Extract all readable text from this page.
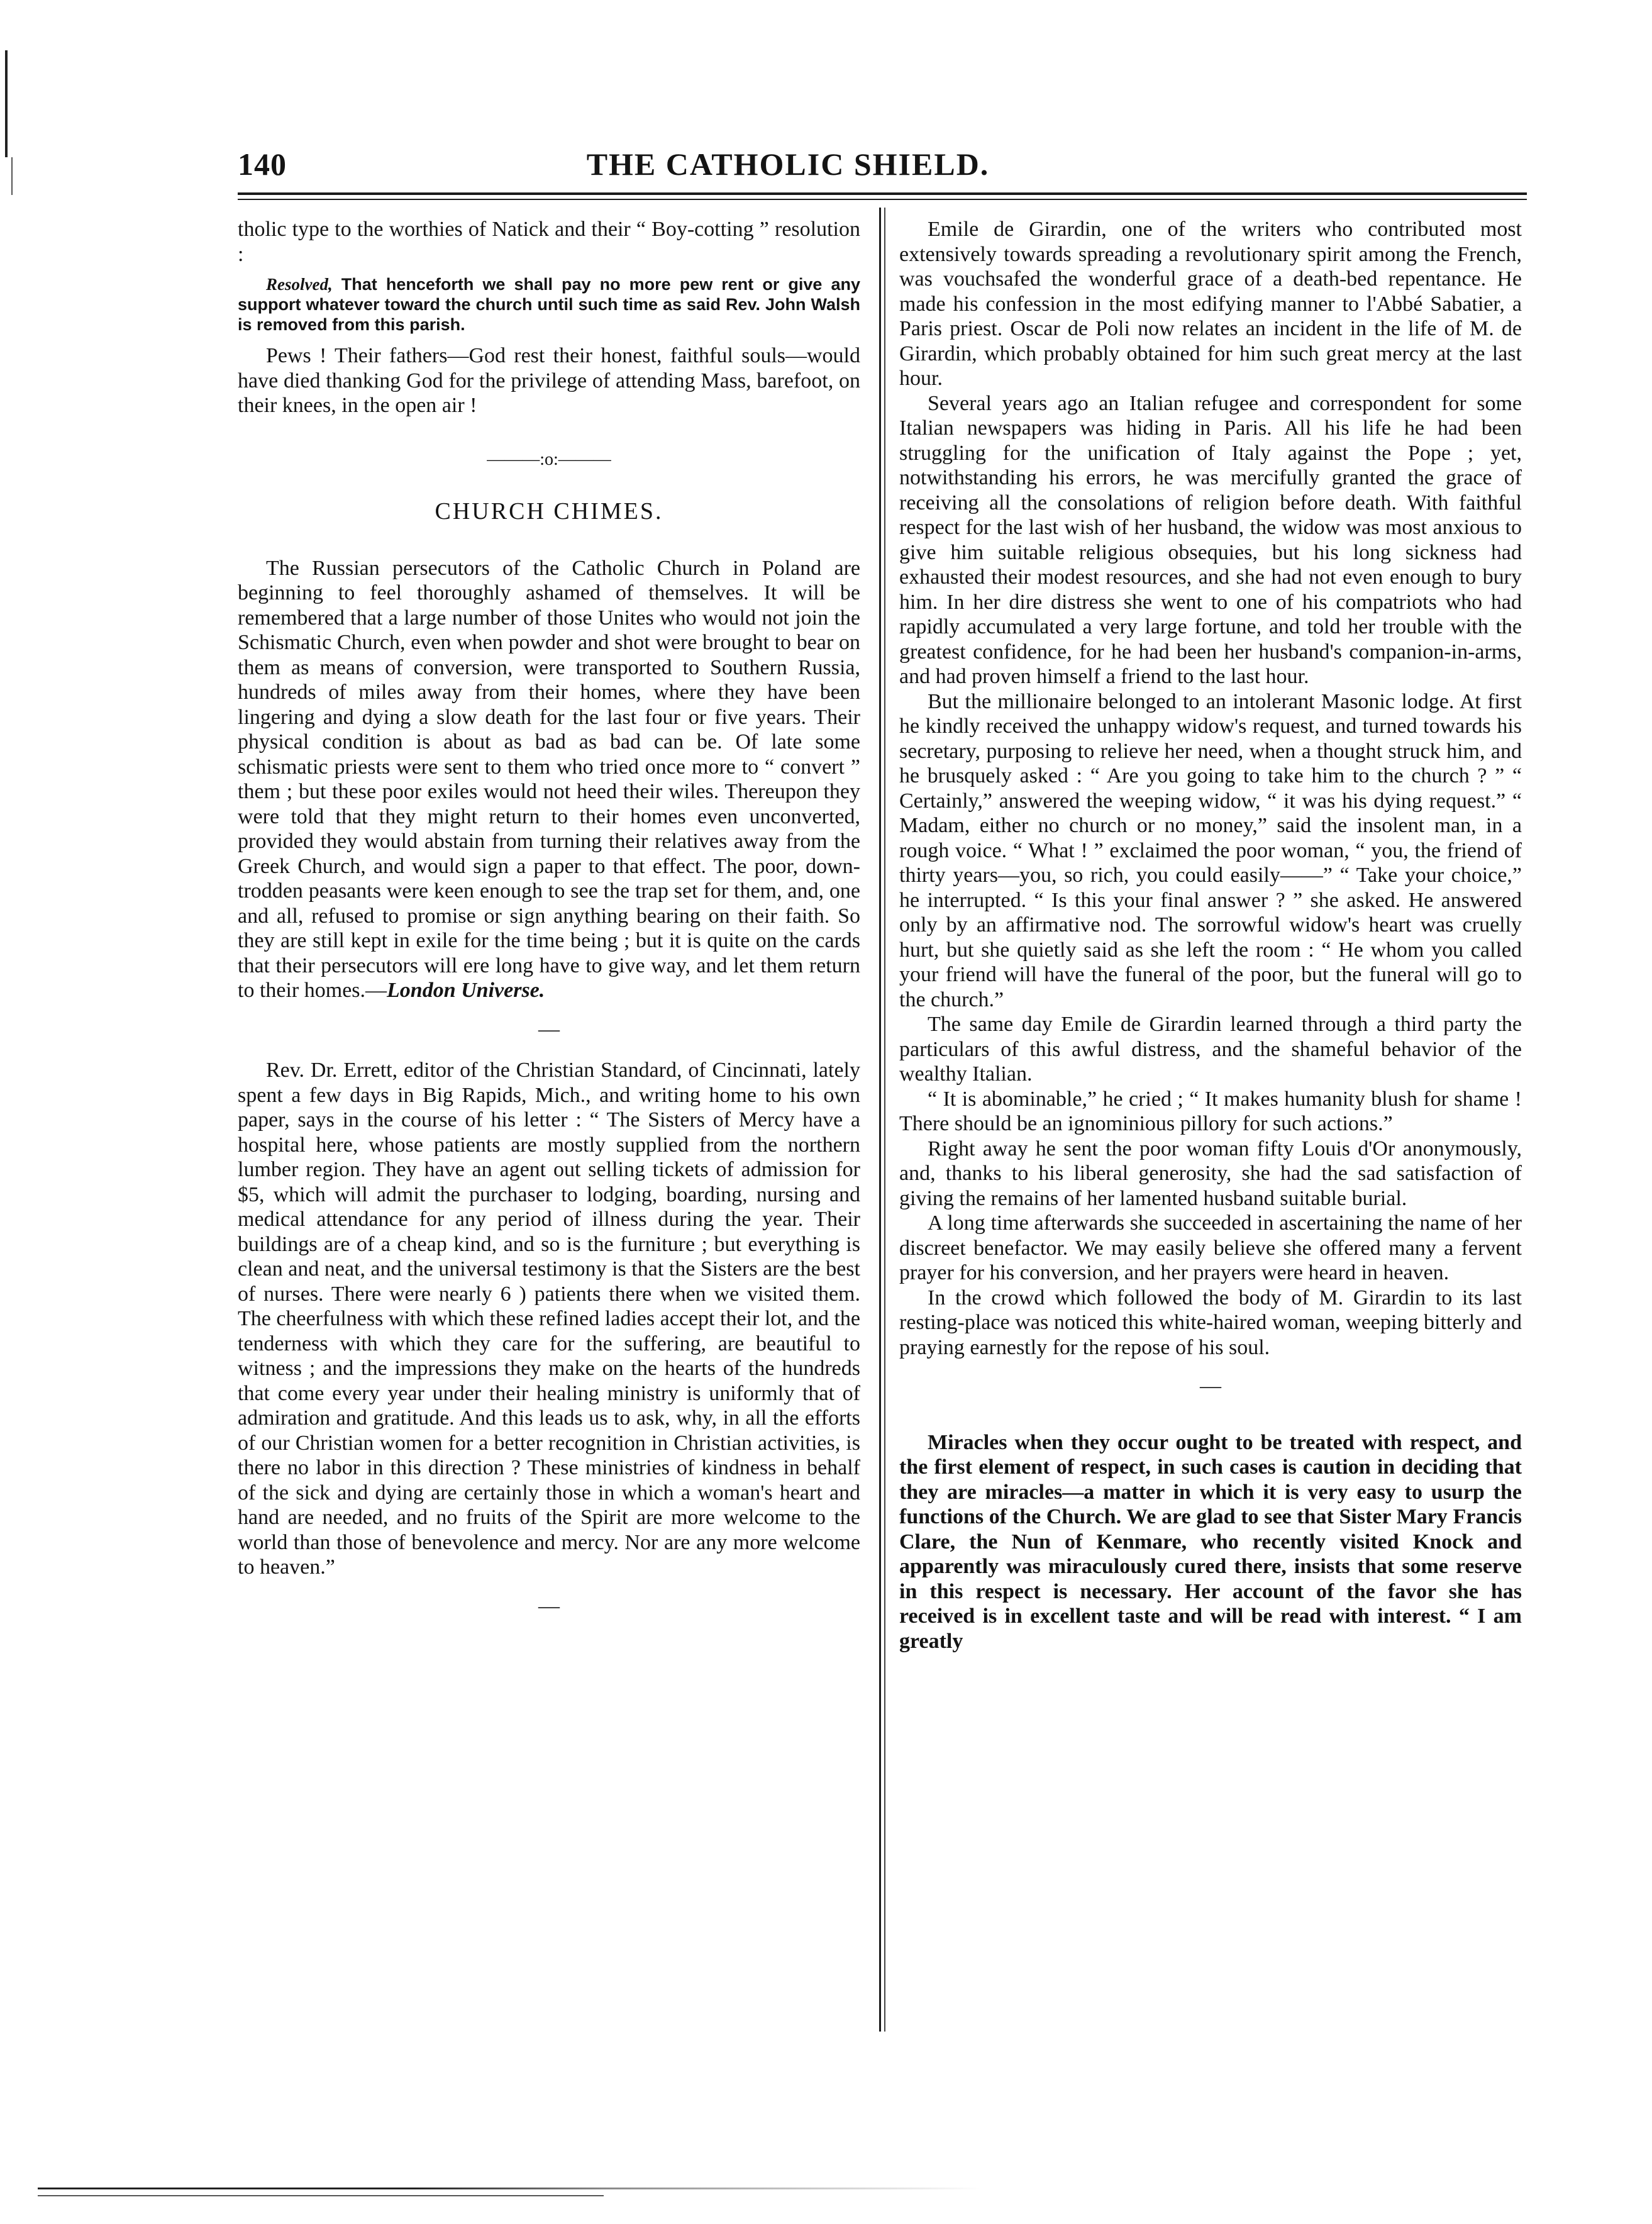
140	THE CATHOLIC SHIELD.

tholic type to the worthies of Natick and their “ Boy-cotting ” resolution :

Resolved, That henceforth we shall pay no more pew rent or give any support whatever toward the church until such time as said Rev. John Walsh is removed from this parish.

Pews ! Their fathers—God rest their honest, faithful souls—would have died thanking God for the privilege of attending Mass, barefoot, on their knees, in the open air !

———:o:———
CHURCH CHIMES.

The Russian persecutors of the Catholic Church in Poland are beginning to feel thoroughly ashamed of themselves. It will be remembered that a large number of those Unites who would not join the Schismatic Church, even when powder and shot were brought to bear on them as means of conversion, were transported to Southern Russia, hundreds of miles away from their homes, where they have been lingering and dying a slow death for the last four or five years. Their physical condition is about as bad as bad can be. Of late some schismatic priests were sent to them who tried once more to “ convert ” them ; but these poor exiles would not heed their wiles. Thereupon they were told that they might return to their homes even unconverted, provided they would abstain from turning their relatives away from the Greek Church, and would sign a paper to that effect. The poor, down-trodden peasants were keen enough to see the trap set for them, and, one and all, refused to promise or sign anything bearing on their faith. So they are still kept in exile for the time being ; but it is quite on the cards that their persecutors will ere long have to give way, and let them return to their homes.—London Universe.

—

Rev. Dr. Errett, editor of the Christian Standard, of Cincinnati, lately spent a few days in Big Rapids, Mich., and writing home to his own paper, says in the course of his letter : “ The Sisters of Mercy have a hospital here, whose patients are mostly supplied from the northern lumber region. They have an agent out selling tickets of admission for $5, which will admit the purchaser to lodging, boarding, nursing and medical attendance for any period of illness during the year. Their buildings are of a cheap kind, and so is the furniture ; but everything is clean and neat, and the universal testimony is that the Sisters are the best of nurses. There were nearly 6 ) patients there when we visited them. The cheerfulness with which these refined ladies accept their lot, and the tenderness with which they care for the suffering, are beautiful to witness ; and the impressions they make on the hearts of the hundreds that come every year under their healing ministry is uniformly that of admiration and gratitude. And this leads us to ask, why, in all the efforts of our Christian women for a better recognition in Christian activities, is there no labor in this direction ? These ministries of kindness in behalf of the sick and dying are certainly those in which a woman's heart and hand are needed, and no fruits of the Spirit are more welcome to the world than those of benevolence and mercy. Nor are any more welcome to heaven.”

—

Emile de Girardin, one of the writers who contributed most extensively towards spreading a revolutionary spirit among the French, was vouchsafed the wonderful grace of a death-bed repentance. He made his confession in the most edifying manner to l'Abbé Sabatier, a Paris priest. Oscar de Poli now relates an incident in the life of M. de Girardin, which probably obtained for him such great mercy at the last hour.

Several years ago an Italian refugee and correspondent for some Italian newspapers was hiding in Paris. All his life he had been struggling for the unification of Italy against the Pope ; yet, notwithstanding his errors, he was mercifully granted the grace of receiving all the consolations of religion before death. With faithful respect for the last wish of her husband, the widow was most anxious to give him suitable religious obsequies, but his long sickness had exhausted their modest resources, and she had not even enough to bury him. In her dire distress she went to one of his compatriots who had rapidly accumulated a very large fortune, and told her trouble with the greatest confidence, for he had been her husband's companion-in-arms, and had proven himself a friend to the last hour.

But the millionaire belonged to an intolerant Masonic lodge. At first he kindly received the unhappy widow's request, and turned towards his secretary, purposing to relieve her need, when a thought struck him, and he brusquely asked : “ Are you going to take him to the church ? ” “ Certainly,” answered the weeping widow, “ it was his dying request.” “ Madam, either no church or no money,” said the insolent man, in a rough voice. “ What ! ” exclaimed the poor woman, “ you, the friend of thirty years—you, so rich, you could easily——” “ Take your choice,” he interrupted. “ Is this your final answer ? ” she asked. He answered only by an affirmative nod. The sorrowful widow's heart was cruelly hurt, but she quietly said as she left the room : “ He whom you called your friend will have the funeral of the poor, but the funeral will go to the church.”

The same day Emile de Girardin learned through a third party the particulars of this awful distress, and the shameful behavior of the wealthy Italian.

“ It is abominable,” he cried ; “ It makes humanity blush for shame ! There should be an ignominious pillory for such actions.”

Right away he sent the poor woman fifty Louis d'Or anonymously, and, thanks to his liberal generosity, she had the sad satisfaction of giving the remains of her lamented husband suitable burial.

A long time afterwards she succeeded in ascertaining the name of her discreet benefactor. We may easily believe she offered many a fervent prayer for his conversion, and her prayers were heard in heaven.

In the crowd which followed the body of M. Girardin to its last resting-place was noticed this white-haired woman, weeping bitterly and praying earnestly for the repose of his soul.

—

Miracles when they occur ought to be treated with respect, and the first element of respect, in such cases is caution in deciding that they are miracles—a matter in which it is very easy to usurp the functions of the Church. We are glad to see that Sister Mary Francis Clare, the Nun of Kenmare, who recently visited Knock and apparently was miraculously cured there, insists that some reserve in this respect is necessary. Her account of the favor she has received is in excellent taste and will be read with interest. “ I am greatly
